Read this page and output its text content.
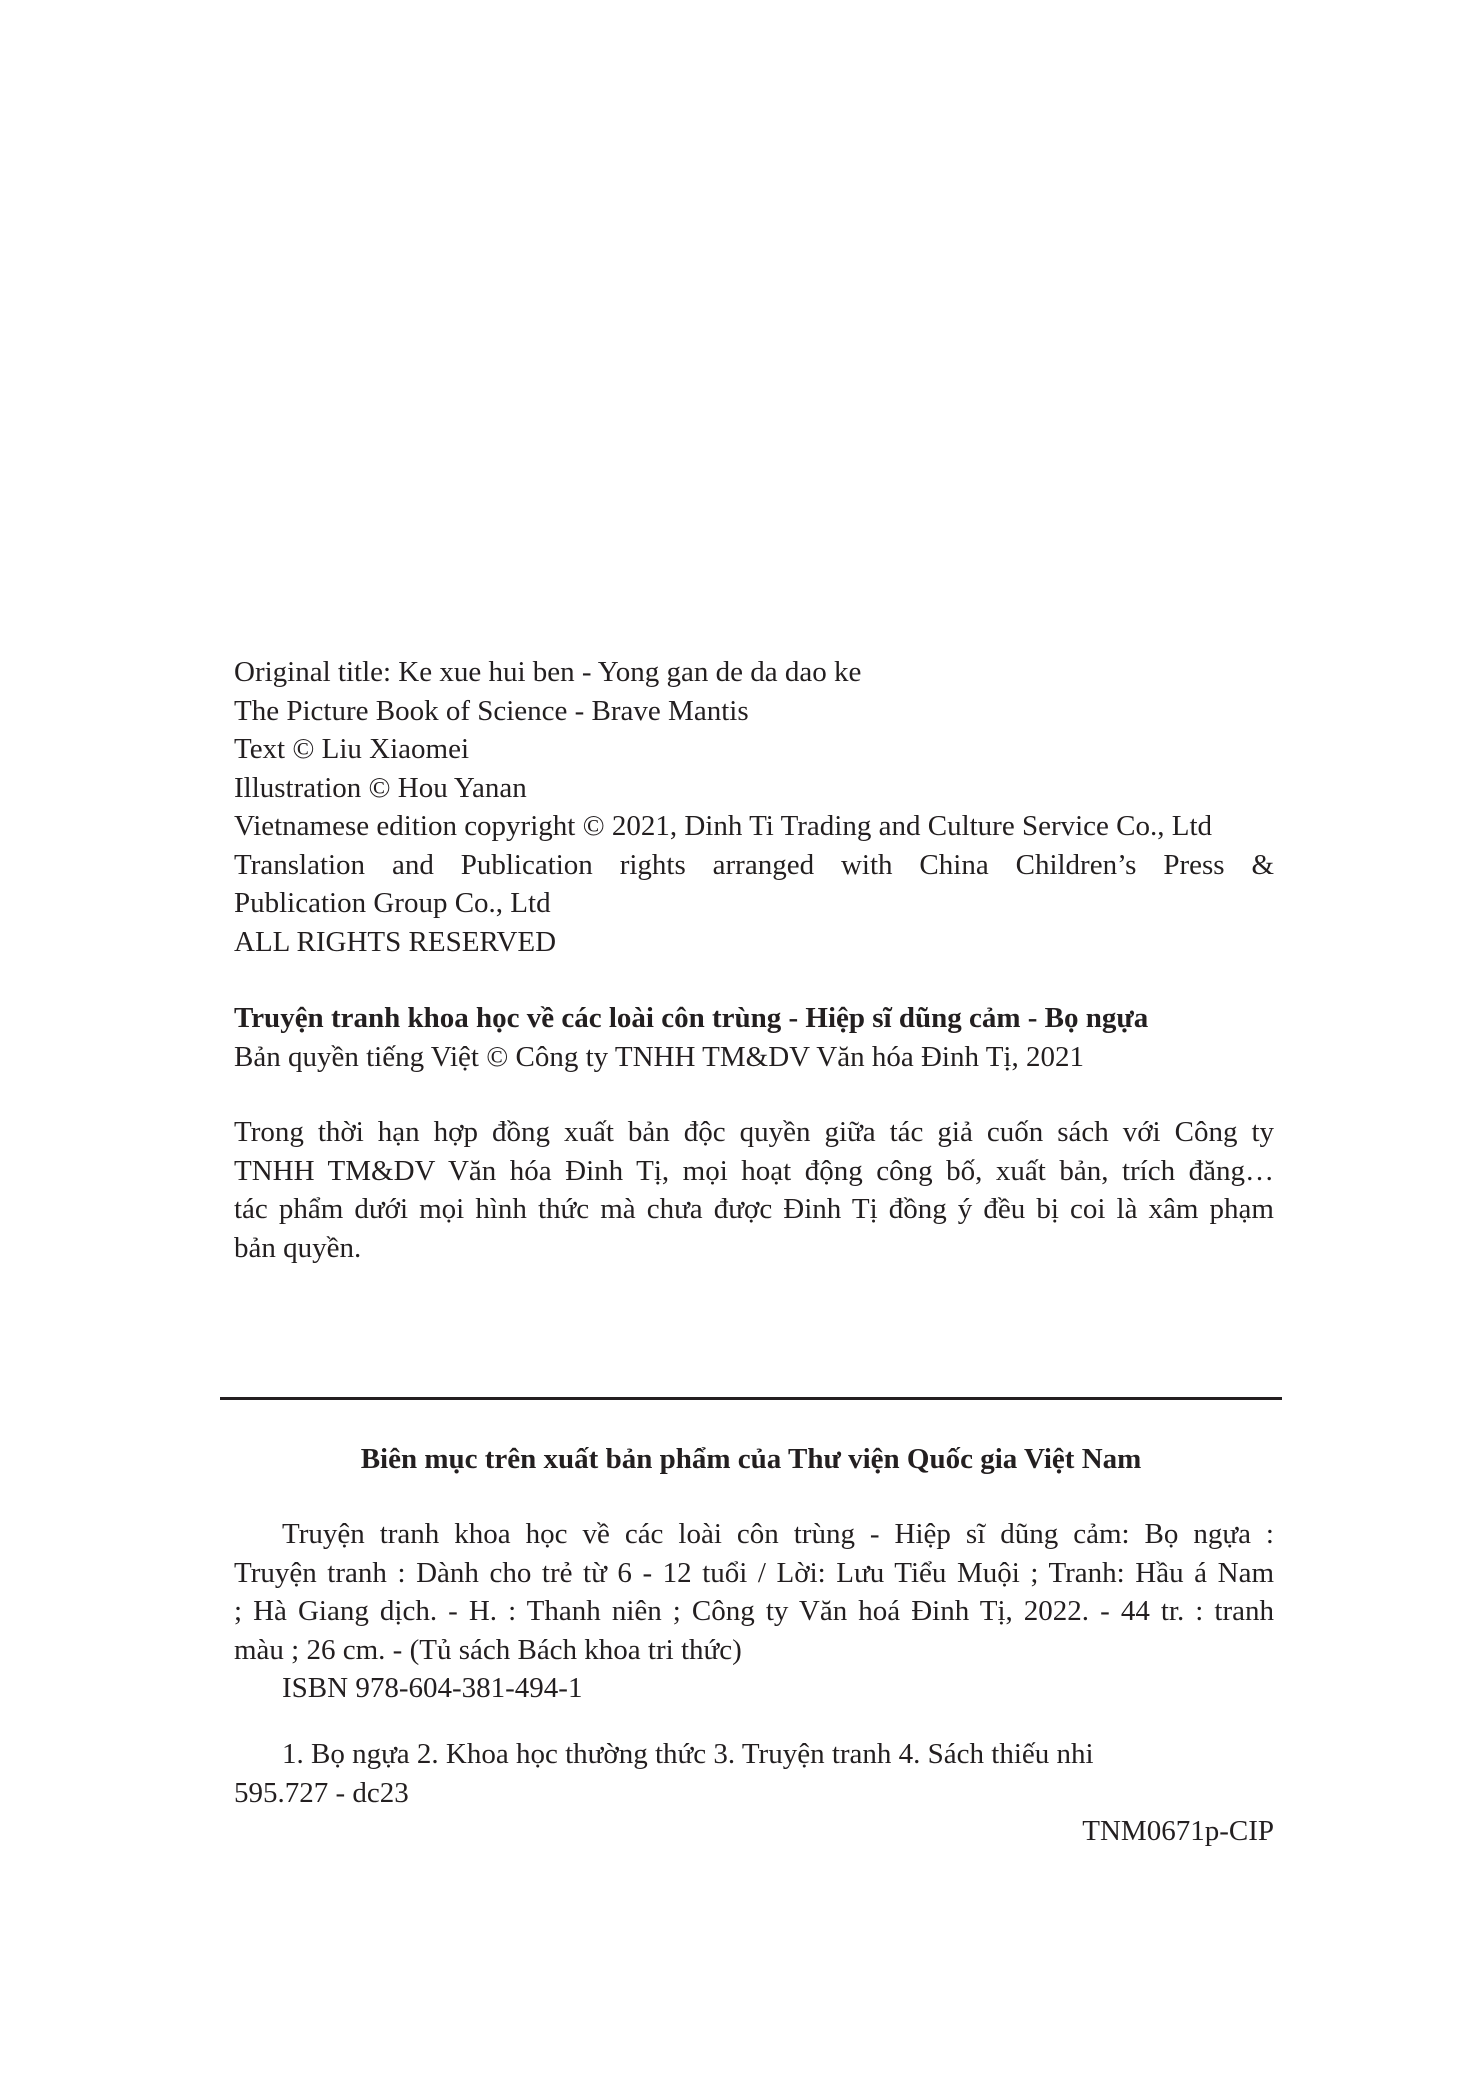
Original title: Ke xue hui ben - Yong gan de da dao ke
The Picture Book of Science - Brave Mantis
Text © Liu Xiaomei
Illustration © Hou Yanan
Vietnamese edition copyright © 2021, Dinh Ti Trading and Culture Service Co., Ltd
Translation and Publication rights arranged with China Children’s Press &
Publication Group Co., Ltd
ALL RIGHTS RESERVED
Truyện tranh khoa học về các loài côn trùng - Hiệp sĩ dũng cảm - Bọ ngựa
Bản quyền tiếng Việt © Công ty TNHH TM&DV Văn hóa Đinh Tị, 2021
Trong thời hạn hợp đồng xuất bản độc quyền giữa tác giả cuốn sách với Công ty
TNHH TM&DV Văn hóa Đinh Tị, mọi hoạt động công bố, xuất bản, trích đăng…
tác phẩm dưới mọi hình thức mà chưa được Đinh Tị đồng ý đều bị coi là xâm phạm
bản quyền.
Biên mục trên xuất bản phẩm của Thư viện Quốc gia Việt Nam
Truyện tranh khoa học về các loài côn trùng - Hiệp sĩ dũng cảm: Bọ ngựa :
Truyện tranh : Dành cho trẻ từ 6 - 12 tuổi / Lời: Lưu Tiểu Muội ; Tranh: Hầu á Nam
; Hà Giang dịch. - H. : Thanh niên ; Công ty Văn hoá Đinh Tị, 2022. - 44 tr. : tranh
màu ; 26 cm. - (Tủ sách Bách khoa tri thức)
ISBN 978-604-381-494-1
1. Bọ ngựa 2. Khoa học thường thức 3. Truyện tranh 4. Sách thiếu nhi
595.727 - dc23
TNM0671p-CIP
